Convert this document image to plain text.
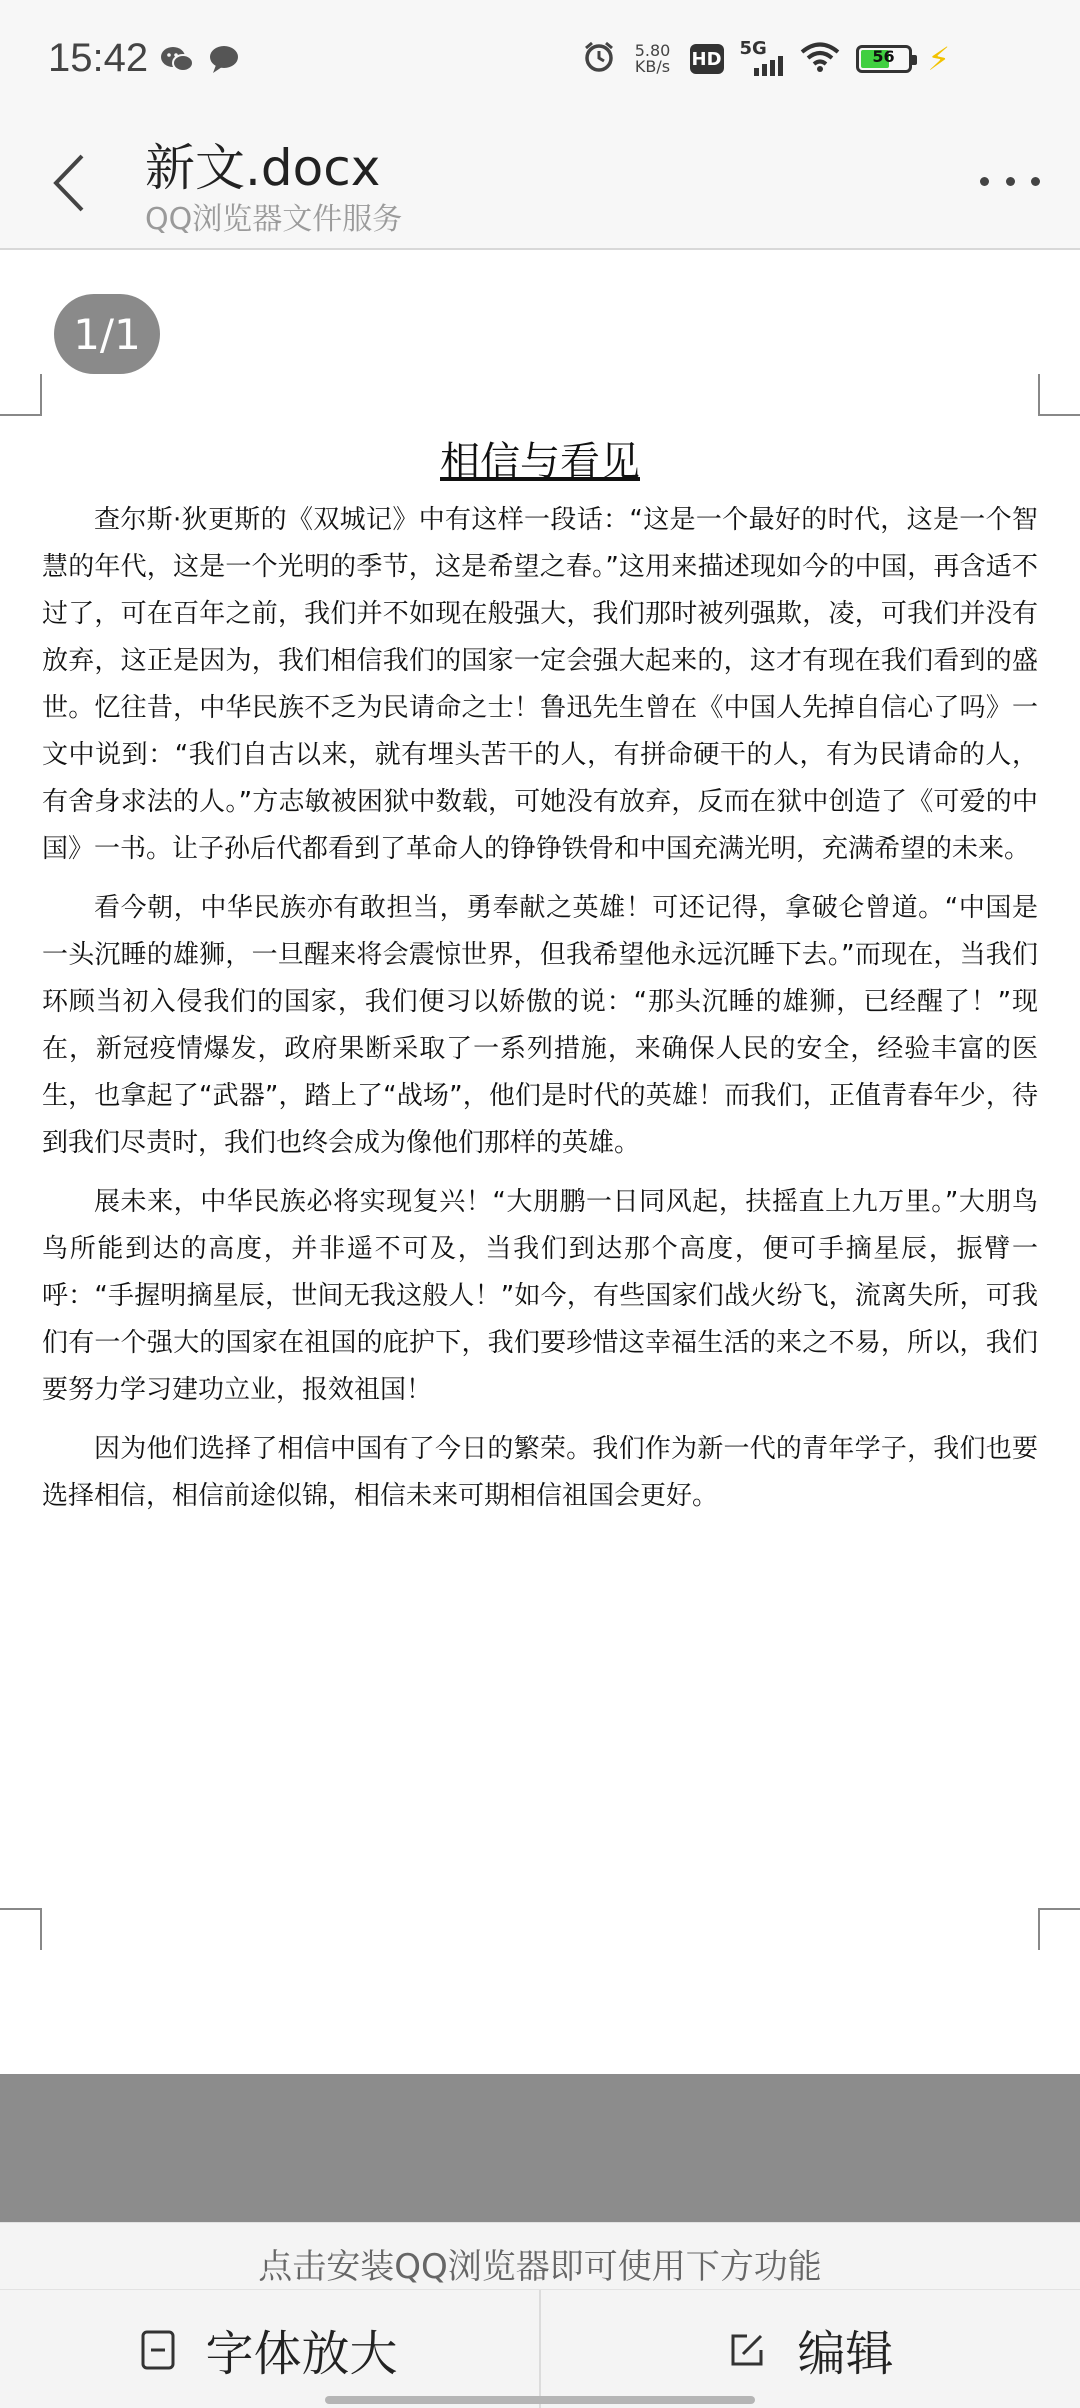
15:42	5.80
KB/s HD 5G	56	⚡
新文.docx
QQ浏览器文件服务
1/1
相信与看见

查尔斯·狄更斯的《双城记》中有这样一段话：“这是一个最好的时代，这是一个智慧的年代，这是一个光明的季节，这是希望之春。”这用来描述现如今的中国，再含适不过了，可在百年之前，我们并不如现在般强大，我们那时被列强欺，凌，可我们并没有放弃，这正是因为，我们相信我们的国家一定会强大起来的，这才有现在我们看到的盛世。忆往昔，中华民族不乏为民请命之士！鲁迅先生曾在《中国人先掉自信心了吗》一文中说到：“我们自古以来，就有埋头苦干的人，有拼命硬干的人，有为民请命的人，有舍身求法的人。”方志敏被困狱中数载，可她没有放弃，反而在狱中创造了《可爱的中国》一书。让子孙后代都看到了革命人的铮铮铁骨和中国充满光明，充满希望的未来。

看今朝，中华民族亦有敢担当，勇奉献之英雄！可还记得，拿破仑曾道。“中国是一头沉睡的雄狮，一旦醒来将会震惊世界，但我希望他永远沉睡下去。”而现在，当我们环顾当初入侵我们的国家，我们便习以娇傲的说：“那头沉睡的雄狮，已经醒了！”现在，新冠疫情爆发，政府果断采取了一系列措施，来确保人民的安全，经验丰富的医生，也拿起了“武器”，踏上了“战场”，他们是时代的英雄！而我们，正值青春年少，待到我们尽责时，我们也终会成为像他们那样的英雄。

展未来，中华民族必将实现复兴！“大朋鹏一日同风起，扶摇直上九万里。”大朋鸟鸟所能到达的高度，并非遥不可及，当我们到达那个高度，便可手摘星辰，振臂一呼：“手握明摘星辰，世间无我这般人！”如今，有些国家们战火纷飞，流离失所，可我们有一个强大的国家在祖国的庇护下，我们要珍惜这幸福生活的来之不易，所以，我们要努力学习建功立业，报效祖国！

因为他们选择了相信中国有了今日的繁荣。我们作为新一代的青年学子，我们也要选择相信，相信前途似锦，相信未来可期相信祖国会更好。

点击安装QQ浏览器即可使用下方功能
字体放大	编辑
